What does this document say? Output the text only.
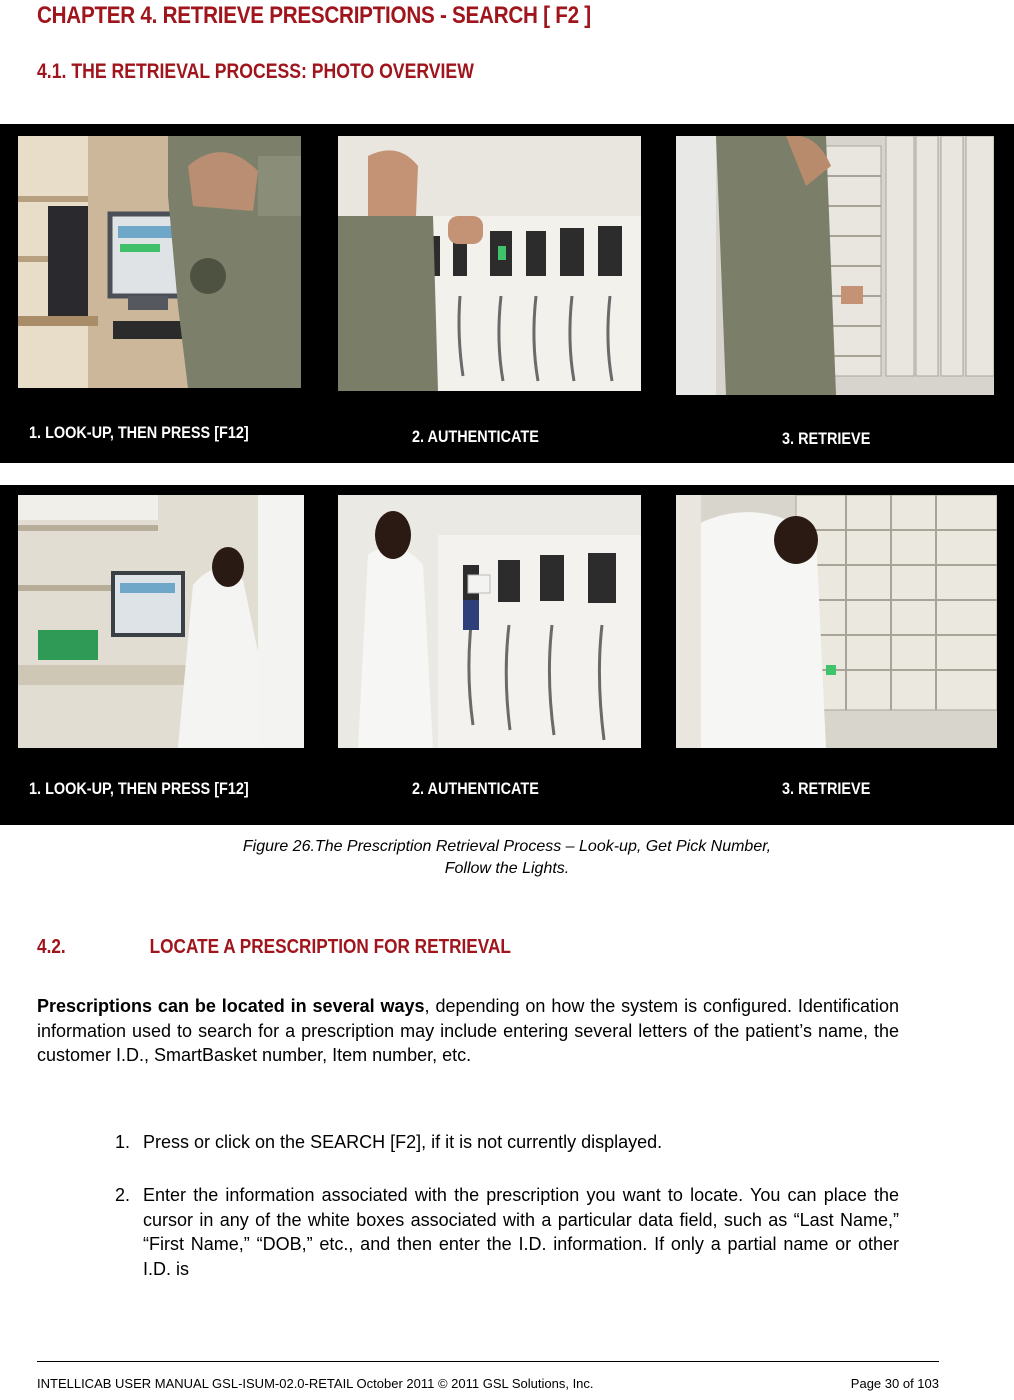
CHAPTER 4. RETRIEVE PRESCRIPTIONS - SEARCH [ F2 ]
4.1. THE RETRIEVAL PROCESS: PHOTO OVERVIEW
1. LOOK-UP, THEN PRESS [F12]	2. AUTHENTICATE	3. RETRIEVE
1. LOOK-UP, THEN PRESS [F12]	2. AUTHENTICATE	3. RETRIEVE
Figure 26.The Prescription Retrieval Process – Look-up, Get Pick Number,
Follow the Lights.
4.2.	LOCATE A PRESCRIPTION FOR RETRIEVAL

Prescriptions can be located in several ways, depending on how the system is configured. Identification information used to search for a prescription may include entering several letters of the patient’s name, the customer I.D., SmartBasket number, Item number, etc.

1. Press or click on the SEARCH [F2], if it is not currently displayed.
2. Enter the information associated with the prescription you want to locate. You can place the cursor in any of the white boxes associated with a particular data field, such as “Last Name,” “First Name,” “DOB,” etc., and then enter the I.D. information. If only a partial name or other I.D. is
INTELLICAB USER MANUAL GSL-ISUM-02.0-RETAIL October 2011 © 2011 GSL Solutions, Inc.	Page 30 of 103
